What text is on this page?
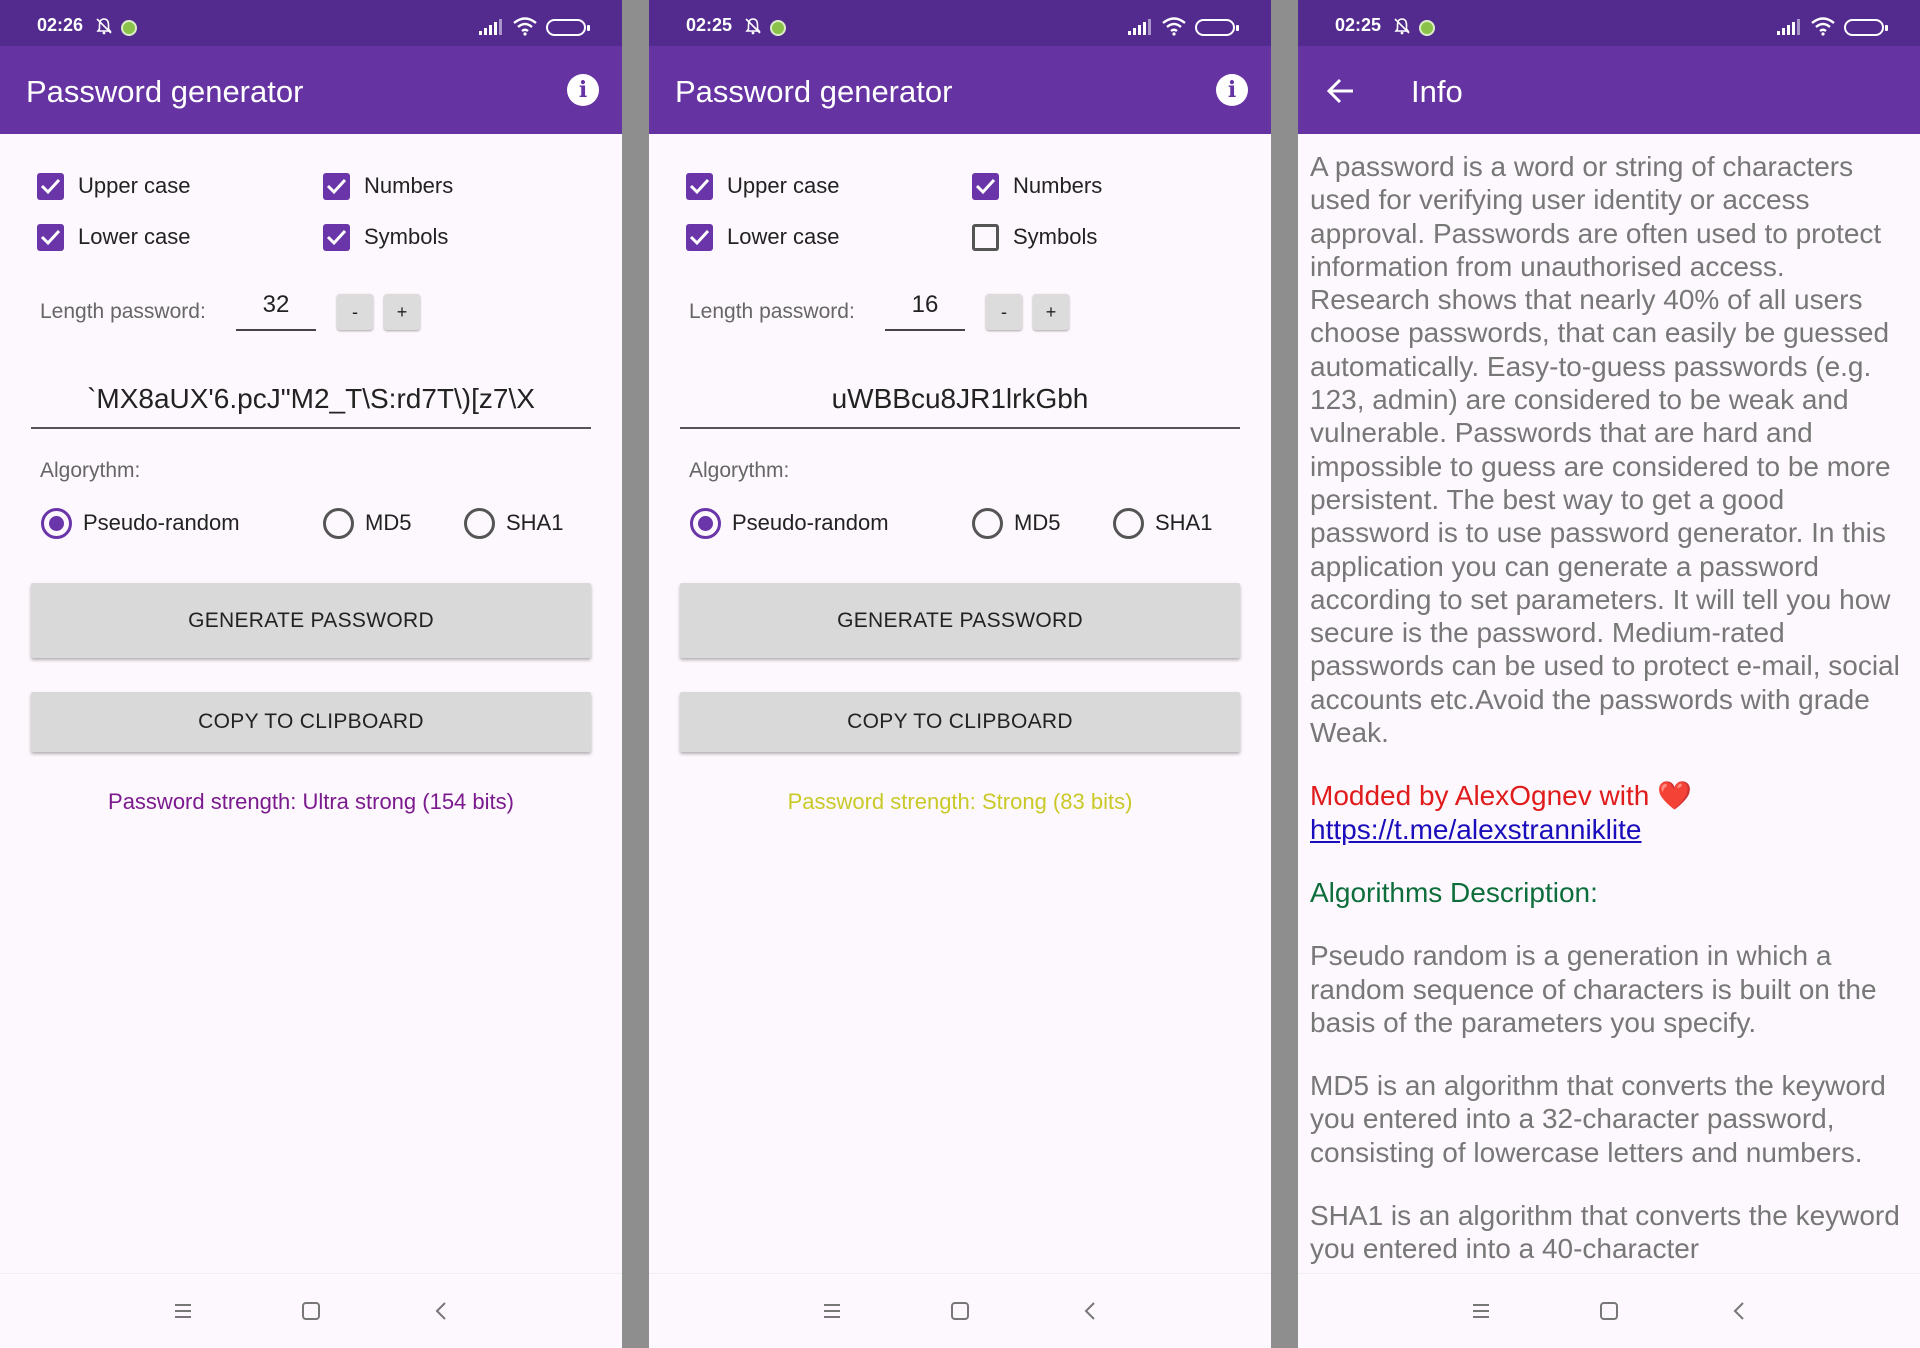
02:26
Password generator	i
Upper case	Numbers
Lower case	Symbols
Length password:	32	-	+
`MX8aUX'6.pcJ"M2_T\S:rd7T\)[z7\X
Algorythm:
Pseudo-random	MD5	SHA1
GENERATE PASSWORD
COPY TO CLIPBOARD
Password strength: Ultra strong (154 bits)
02:25
Password generator	i
Upper case	Numbers
Lower case	Symbols
Length password:	16	-	+
uWBBcu8JR1lrkGbh
Algorythm:
Pseudo-random	MD5	SHA1
GENERATE PASSWORD
COPY TO CLIPBOARD
Password strength: Strong (83 bits)
02:25
Info

A password is a word or string of characters used for verifying user identity or access approval. Passwords are often used to protect information from unauthorised access. Research shows that nearly 40% of all users choose passwords, that can easily be guessed automatically. Easy-to-guess passwords (e.g. 123, admin) are considered to be weak and vulnerable. Passwords that are hard and impossible to guess are considered to be more persistent. The best way to get a good password is to use password generator. In this application you can generate a password according to set parameters. It will tell you how secure is the password. Medium-rated passwords can be used to protect e-mail, social accounts etc.Avoid the passwords with grade Weak.

Modded by AlexOgnev with ❤️
https://t.me/alexstranniklite

Algorithms Description:

Pseudo random is a generation in which a random sequence of characters is built on the basis of the parameters you specify.

MD5 is an algorithm that converts the keyword you entered into a 32-character password, consisting of lowercase letters and numbers.

SHA1 is an algorithm that converts the keyword you entered into a 40-character
